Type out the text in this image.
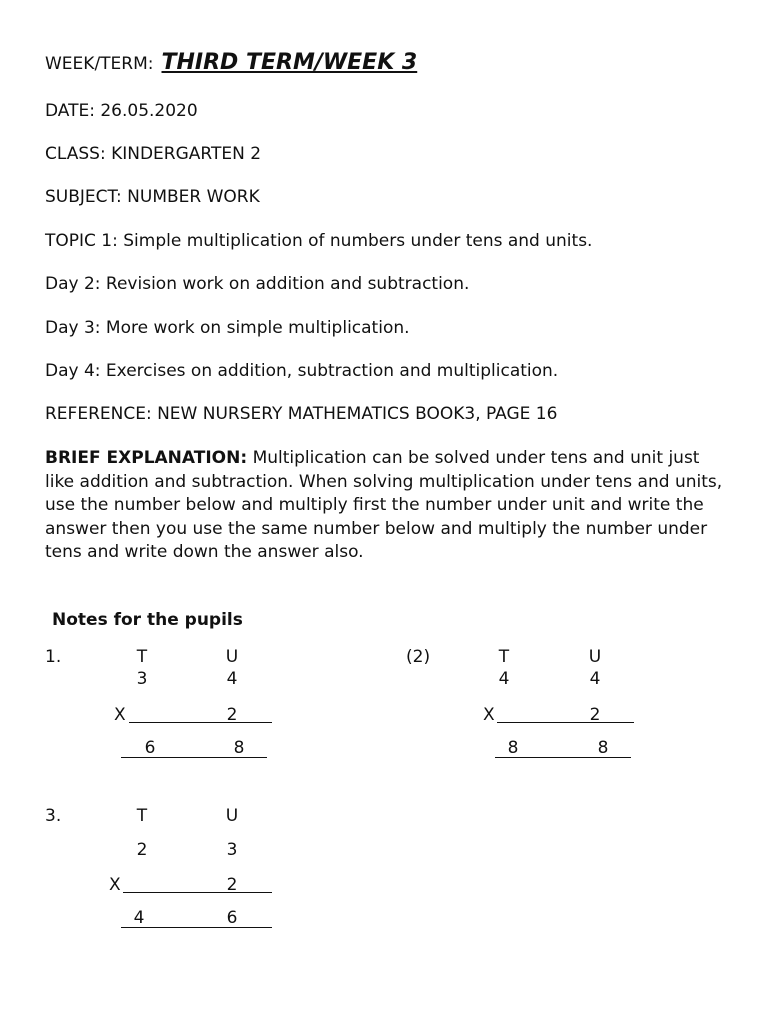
WEEK/TERM: THIRD TERM/WEEK 3
DATE: 26.05.2020
CLASS: KINDERGARTEN 2
SUBJECT: NUMBER WORK
TOPIC 1: Simple multiplication of numbers under tens and units.
Day 2: Revision work on addition and subtraction.
Day 3: More work on simple multiplication.
Day 4: Exercises on addition, subtraction and multiplication.
REFERENCE: NEW NURSERY MATHEMATICS BOOK3, PAGE 16
BRIEF EXPLANATION: Multiplication can be solved under tens and unit just like addition and subtraction. When solving multiplication under tens and units, use the number below and multiply first the number under unit and write the answer then you use the same number below and multiply the number under tens and write down the answer also.
Notes for the pupils
1.	T	U
3	4
X	2
6	8
(2)	T	U
4	4
X	2
8	8
3.	T	U
2	3
X	2
4	6
